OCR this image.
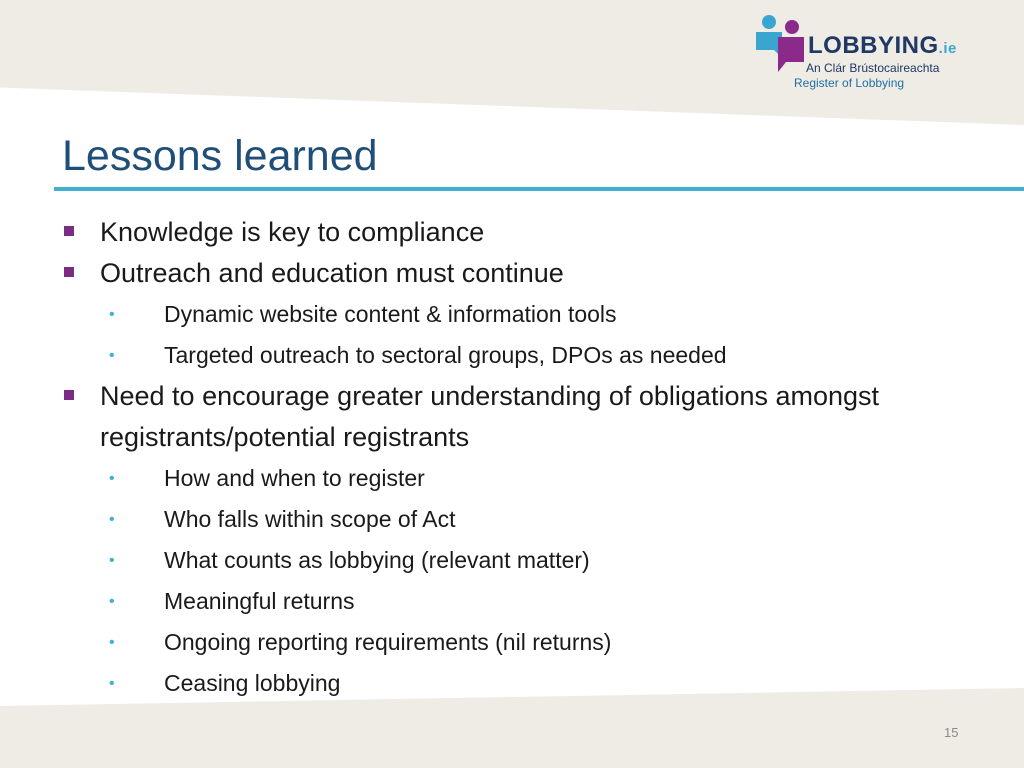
LOBBYING.ie
An Clár Brústocaireachta
Register of Lobbying
Lessons learned
Knowledge is key to compliance
Outreach and education must continue
• Dynamic website content & information tools
• Targeted outreach to sectoral groups, DPOs as needed
Need to encourage greater understanding of obligations amongst registrants/potential registrants
• How and when to register
• Who falls within scope of Act
• What counts as lobbying (relevant matter)
• Meaningful returns
• Ongoing reporting requirements (nil returns)
• Ceasing lobbying
15
